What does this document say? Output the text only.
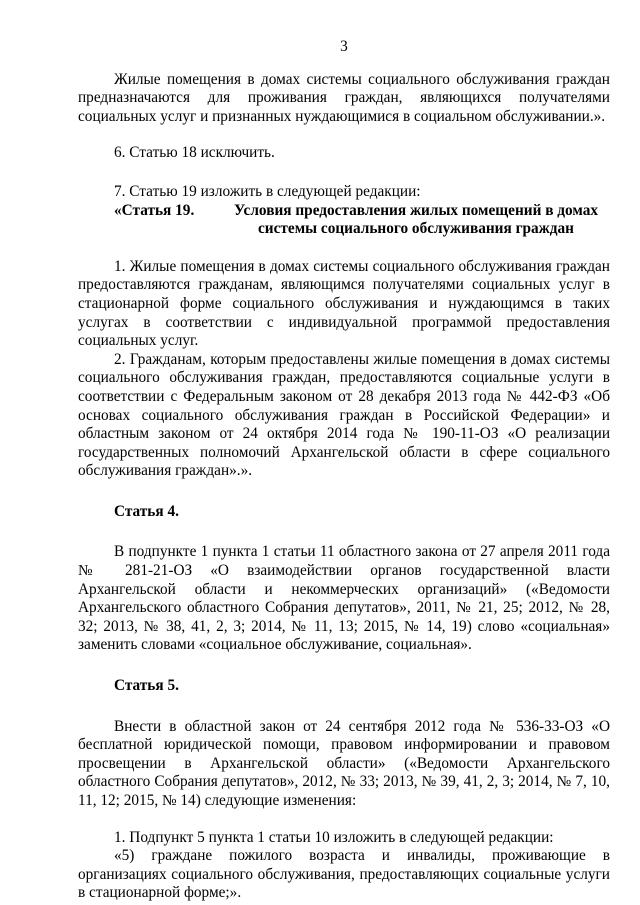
3

Жилые помещения в домах системы социального обслуживания граждан предназначаются для проживания граждан, являющихся получателями социальных услуг и признанных нуждающимися в социальном обслуживании.».

6. Статью 18 исключить.

7. Статью 19 изложить в следующей редакции:

«Статья 19.	Условия предоставления жилых помещений в домах системы социального обслуживания граждан

1. Жилые помещения в домах системы социального обслуживания граждан предоставляются гражданам, являющимся получателями социальных услуг в стационарной форме социального обслуживания и нуждающимся в таких услугах в соответствии с индивидуальной программой предоставления социальных услуг.

2. Гражданам, которым предоставлены жилые помещения в домах системы социального обслуживания граждан, предоставляются социальные услуги в соответствии с Федеральным законом от 28 декабря 2013 года № 442-ФЗ «Об основах социального обслуживания граждан в Российской Федерации» и областным законом от 24 октября 2014 года № 190-11-ОЗ «О реализации государственных полномочий Архангельской области в сфере социального обслуживания граждан».».

Статья 4.

В подпункте 1 пункта 1 статьи 11 областного закона от 27 апреля 2011 года № 281-21-ОЗ «О взаимодействии органов государственной власти Архангельской области и некоммерческих организаций» («Ведомости Архангельского областного Собрания депутатов», 2011, № 21, 25; 2012, № 28, 32; 2013, № 38, 41, 2, 3; 2014, № 11, 13; 2015, № 14, 19) слово «социальная» заменить словами «социальное обслуживание, социальная».

Статья 5.

Внести в областной закон от 24 сентября 2012 года № 536-33-ОЗ «О бесплатной юридической помощи, правовом информировании и правовом просвещении в Архангельской области» («Ведомости Архангельского областного Собрания депутатов», 2012, № 33; 2013, № 39, 41, 2, 3; 2014, № 7, 10, 11, 12; 2015, № 14) следующие изменения:

1. Подпункт 5 пункта 1 статьи 10 изложить в следующей редакции:

«5) граждане пожилого возраста и инвалиды, проживающие в организациях социального обслуживания, предоставляющих социальные услуги в стационарной форме;».
